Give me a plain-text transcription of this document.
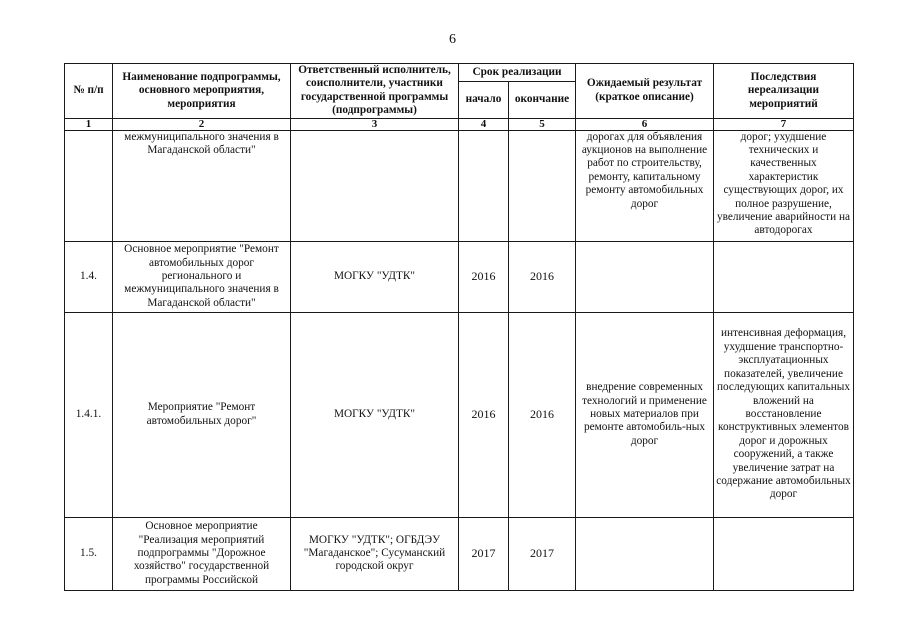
6
№ п/п	Наименование подпрограммы, основного мероприятия, мероприятия	Ответственный исполнитель, соисполнители, участники государственной программы (подпрограммы)	Срок реализации		Ожидаемый результат (краткое описание)	Последствия нереализации мероприятий
			начало	окончание		
1	2	3	4	5	6	7
	межмуниципального значения в Магаданской области"				дорогах для объявления аукционов на выполнение работ по строительству, ремонту, капитальному ремонту автомобильных дорог	дорог; ухудшение технических и качественных характеристик существующих дорог, их полное разрушение, увеличение аварийности на автодорогах
1.4.	Основное мероприятие "Ремонт автомобильных дорог регионального и межмуниципального значения в Магаданской области"	МОГКУ "УДТК"	2016	2016		
1.4.1.	Мероприятие "Ремонт автомобильных дорог"	МОГКУ "УДТК"	2016	2016	внедрение современных технологий и применение новых материалов при ремонте автомобиль-ных дорог	интенсивная деформация, ухудшение транспортно-эксплуатационных показателей, увеличение последующих капитальных вложений на восстановление конструктивных элементов дорог и дорожных сооружений, а также увеличение затрат на содержание автомобильных дорог
1.5.	Основное мероприятие "Реализация мероприятий подпрограммы "Дорожное хозяйство" государственной программы Российской	МОГКУ "УДТК"; ОГБДЭУ "Магаданское"; Сусуманский городской округ	2017	2017		
